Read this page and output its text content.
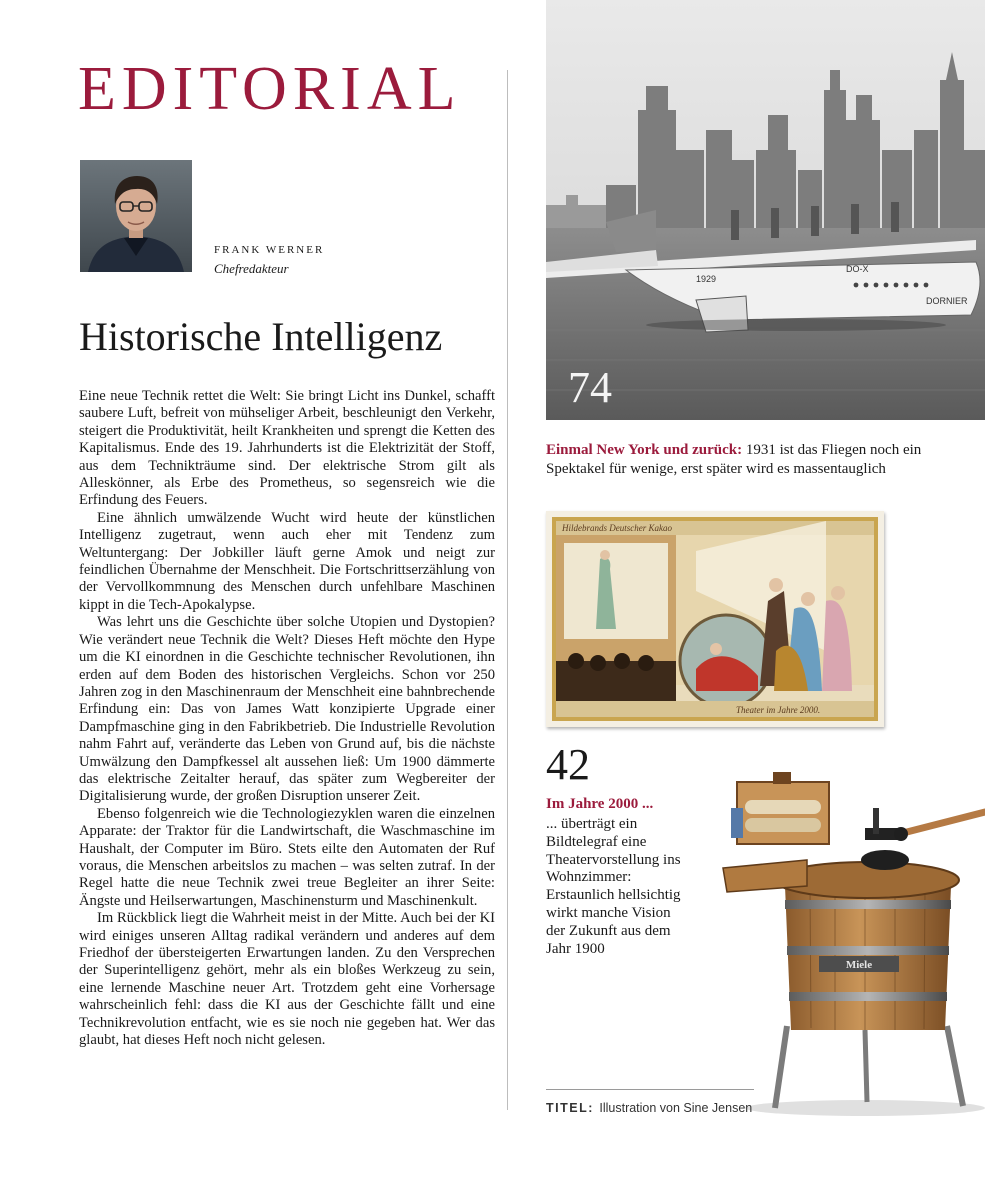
EDITORIAL
FRANK WERNER
Chefredakteur
Historische Intelligenz

Eine neue Technik rettet die Welt: Sie bringt Licht ins Dunkel, schafft saubere Luft, befreit von mühseliger Arbeit, beschleunigt den Verkehr, steigert die Produktivität, heilt Krankheiten und sprengt die Ketten des Kapitalismus. Ende des 19. Jahrhunderts ist die Elektrizität der Stoff, aus dem Technikträume sind. Der elektrische Strom gilt als Alleskönner, als Erbe des Prometheus, so segensreich wie die Erfindung des Feuers.

Eine ähnlich umwälzende Wucht wird heute der künstlichen Intelligenz zugetraut, wenn auch eher mit Tendenz zum Weltuntergang: Der Jobkiller läuft gerne Amok und neigt zur feindlichen Übernahme der Menschheit. Die Fortschrittserzählung von der Vervollkommnung des Menschen durch unfehlbare Maschinen kippt in die Tech-Apokalypse.

Was lehrt uns die Geschichte über solche Utopien und Dystopien? Wie verändert neue Technik die Welt? Dieses Heft möchte den Hype um die KI einordnen in die Geschichte technischer Revolutionen, ihn erden auf dem Boden des historischen Vergleichs. Schon vor 250 Jahren zog in den Maschinenraum der Menschheit eine bahnbrechende Erfindung ein: Das von James Watt konzipierte Upgrade einer Dampfmaschine ging in den Fabrikbetrieb. Die Industrielle Revolution nahm Fahrt auf, veränderte das Leben von Grund auf, bis die nächste Umwälzung den Dampfkessel alt aussehen ließ: Um 1900 dämmerte das elektrische Zeitalter herauf, das später zum Wegbereiter der Digitalisierung wurde, der großen Disruption unserer Zeit.

Ebenso folgenreich wie die Technologiezyklen waren die einzelnen Apparate: der Traktor für die Landwirtschaft, die Waschmaschine im Haushalt, der Computer im Büro. Stets eilte den Automaten der Ruf voraus, die Menschen arbeitslos zu machen – was selten zutraf. In der Regel hatte die neue Technik zwei treue Begleiter an ihrer Seite: Ängste und Heilserwartungen, Maschinensturm und Maschinenkult.

Im Rückblick liegt die Wahrheit meist in der Mitte. Auch bei der KI wird einiges unseren Alltag radikal verändern und anderes auf dem Friedhof der übersteigerten Erwartungen landen. Zu den Versprechen der Superintelligenz gehört, mehr als ein bloßes Werkzeug zu sein, eine lernende Maschine neuer Art. Trotzdem geht eine Vorhersage wahrscheinlich fehl: dass die KI aus der Geschichte fällt und eine Technikrevolution entfacht, wie es sie noch nie gegeben hat. Wer das glaubt, hat dieses Heft noch nicht gelesen.

DO-X
1929
DORNIER
74
Einmal New York und zurück: 1931 ist das Fliegen noch ein Spektakel für wenige, erst später wird es massentauglich
Hildebrands Deutscher Kakao
Theater im Jahre 2000.
42
Im Jahre 2000 ...
... überträgt ein Bildtelegraf eine Theatervorstellung ins Wohnzimmer: Erstaunlich hellsichtig wirkt manche Vision der Zukunft aus dem Jahr 1900
Miele
TITEL: Illustration von Sine Jensen
